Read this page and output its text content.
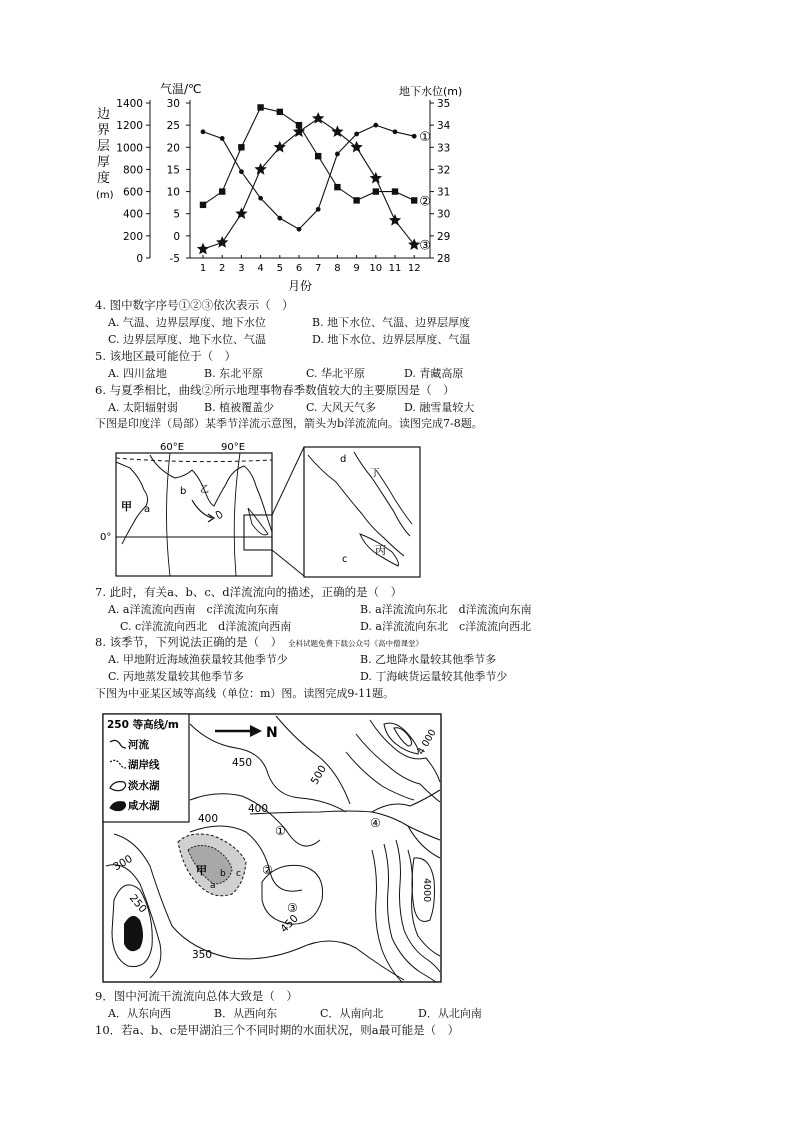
气温/℃	地下水位(m)
边
界
层
厚
度
(m)
月份
1400
1200
1000
800
600
400
200
0
30
25
20
15
10
5
0
-5
35
34
33
32
31
30
29
28
1 2 3 4 5 6 7 8 9 10 11 12
①
②
③
4. 图中数字序号①②③依次表示（　）
A. 气温、边界层厚度、地下水位	B. 地下水位、气温、边界层厚度
C. 边界层厚度、地下水位、气温	D. 地下水位、边界层厚度、气温
5. 该地区最可能位于（　）
A. 四川盆地	B. 东北平原	C. 华北平原	D. 青藏高原
6. 与夏季相比，曲线②所示地理事物春季数值较大的主要原因是（　）
A. 太阳辐射弱 B. 植被覆盖少	C. 大风天气多	D. 融雪量较大
下图是印度洋（局部）某季节洋流示意图，箭头为b洋流流向。读图完成7-8题。
60°E	90°E
0°
甲 a
b 乙
d
丁
c
丙
7. 此时，有关a、b、c、d洋流流向的描述，正确的是（　）
A. a洋流流向西南　c洋流流向东南	B. a洋流流向东北　d洋流流向东南
C. c洋流流向西北　d洋流流向西南	D. a洋流流向东北　c洋流流向西北
8. 该季节，下列说法正确的是（　） 全科试题免费下载公众号《高中僧课堂》
A. 甲地附近海域渔获量较其他季节少	B. 乙地降水量较其他季节多
C. 丙地蒸发量较其他季节多	D. 丁海峡货运量较其他季节少
下图为中亚某区域等高线（单位：m）图。读图完成9-11题。
250 等高线/m
河流
湖岸线
淡水湖
咸水湖
N
450
500
4 000
400
400
300
250
350
450
4000
①
②
③
④
甲
a
b c
9．图中河流干流流向总体大致是（　）
A．从东向西	B．从西向东	C．从南向北	D．从北向南
10．若a、b、c是甲湖泊三个不同时期的水面状况，则a最可能是（　）
